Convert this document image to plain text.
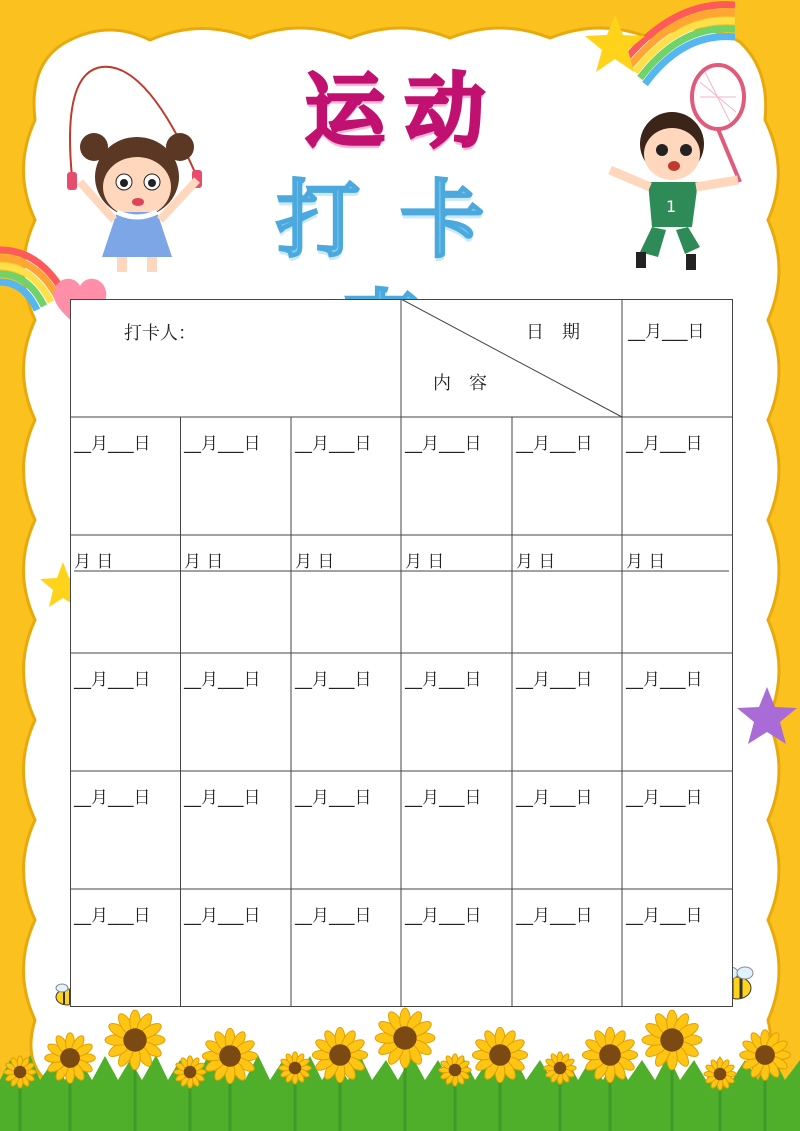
1
运动
打卡
打卡人：	日　期
内　容
__月___日
__月___日 __月___日 __月___日 __月___日 __月___日 __月___日
月 日	月 日	月 日	月 日	月 日	月 日
__月___日 __月___日 __月___日 __月___日 __月___日 __月___日
__月___日 __月___日 __月___日 __月___日 __月___日 __月___日
__月___日 __月___日 __月___日 __月___日 __月___日 __月___日
